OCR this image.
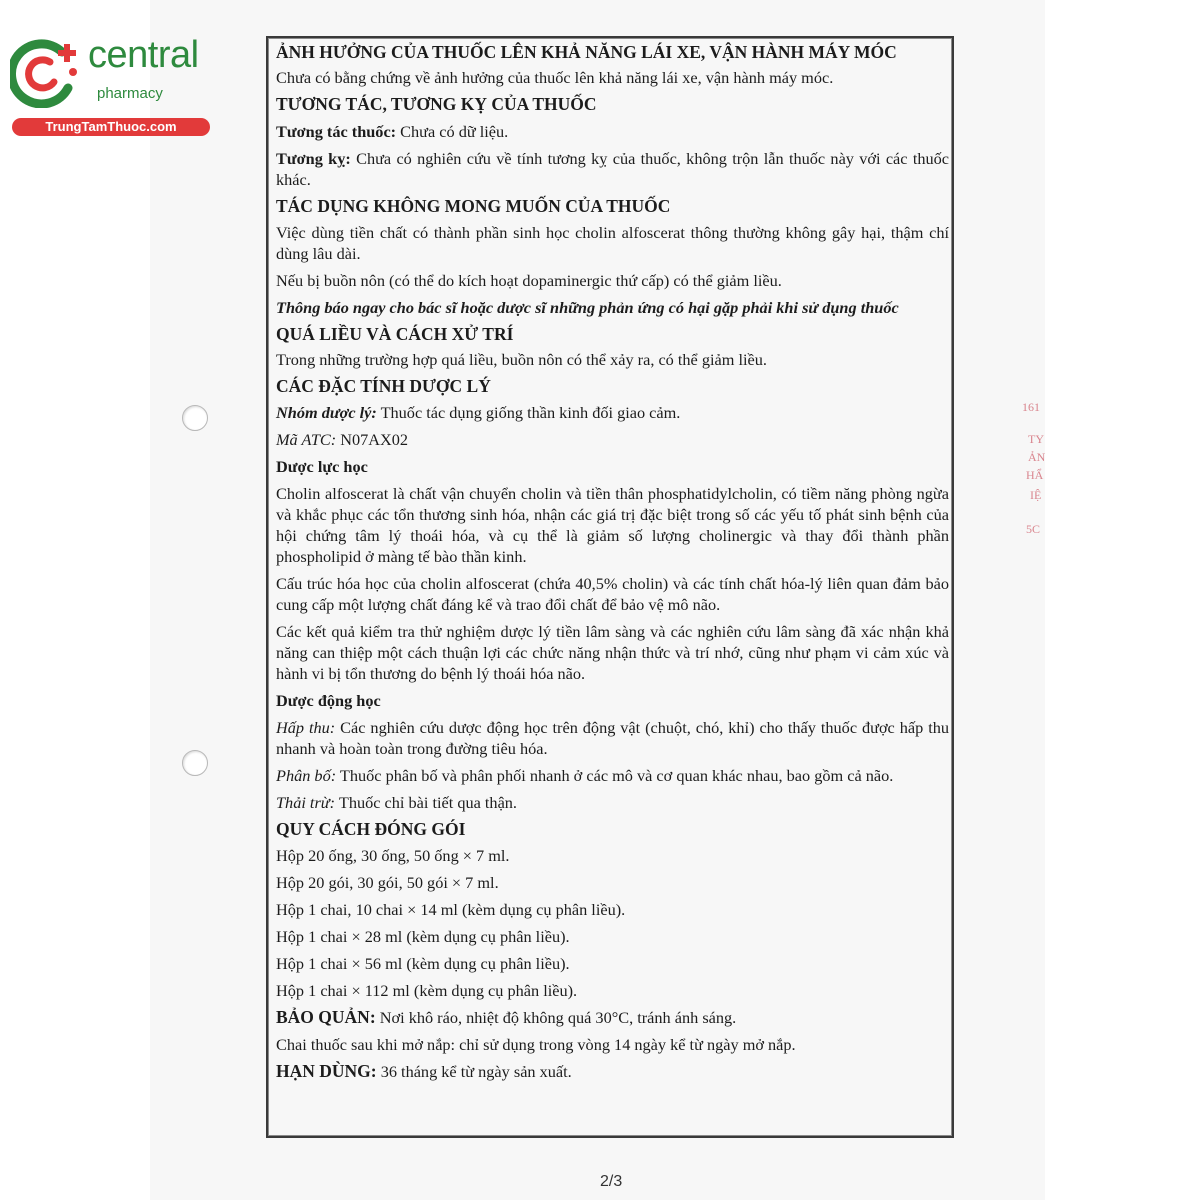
central
pharmacy
TrungTamThuoc.com
161
TY
ẢN
HẨ
IỆ
5C

ẢNH HƯỞNG CỦA THUỐC LÊN KHẢ NĂNG LÁI XE, VẬN HÀNH MÁY MÓC

Chưa có bằng chứng về ảnh hưởng của thuốc lên khả năng lái xe, vận hành máy móc.

TƯƠNG TÁC, TƯƠNG KỴ CỦA THUỐC

Tương tác thuốc: Chưa có dữ liệu.

Tương kỵ: Chưa có nghiên cứu về tính tương kỵ của thuốc, không trộn lẫn thuốc này với các thuốc khác.

TÁC DỤNG KHÔNG MONG MUỐN CỦA THUỐC

Việc dùng tiền chất có thành phần sinh học cholin alfoscerat thông thường không gây hại, thậm chí dùng lâu dài.

Nếu bị buồn nôn (có thể do kích hoạt dopaminergic thứ cấp) có thể giảm liều.

Thông báo ngay cho bác sĩ hoặc dược sĩ những phản ứng có hại gặp phải khi sử dụng thuốc

QUÁ LIỀU VÀ CÁCH XỬ TRÍ

Trong những trường hợp quá liều, buồn nôn có thể xảy ra, có thể giảm liều.

CÁC ĐẶC TÍNH DƯỢC LÝ

Nhóm dược lý: Thuốc tác dụng giống thần kinh đối giao cảm.

Mã ATC: N07AX02

Dược lực học

Cholin alfoscerat là chất vận chuyển cholin và tiền thân phosphatidylcholin, có tiềm năng phòng ngừa và khắc phục các tổn thương sinh hóa, nhận các giá trị đặc biệt trong số các yếu tố phát sinh bệnh của hội chứng tâm lý thoái hóa, và cụ thể là giảm số lượng cholinergic và thay đổi thành phần phospholipid ở màng tế bào thần kinh.

Cấu trúc hóa học của cholin alfoscerat (chứa 40,5% cholin) và các tính chất hóa-lý liên quan đảm bảo cung cấp một lượng chất đáng kể và trao đổi chất để bảo vệ mô não.

Các kết quả kiểm tra thử nghiệm dược lý tiền lâm sàng và các nghiên cứu lâm sàng đã xác nhận khả năng can thiệp một cách thuận lợi các chức năng nhận thức và trí nhớ, cũng như phạm vi cảm xúc và hành vi bị tổn thương do bệnh lý thoái hóa não.

Dược động học

Hấp thu: Các nghiên cứu dược động học trên động vật (chuột, chó, khỉ) cho thấy thuốc được hấp thu nhanh và hoàn toàn trong đường tiêu hóa.

Phân bố: Thuốc phân bố và phân phối nhanh ở các mô và cơ quan khác nhau, bao gồm cả não.

Thải trừ: Thuốc chỉ bài tiết qua thận.

QUY CÁCH ĐÓNG GÓI

Hộp 20 ống, 30 ống, 50 ống × 7 ml.

Hộp 20 gói, 30 gói, 50 gói × 7 ml.

Hộp 1 chai, 10 chai × 14 ml (kèm dụng cụ phân liều).

Hộp 1 chai × 28 ml (kèm dụng cụ phân liều).

Hộp 1 chai × 56 ml (kèm dụng cụ phân liều).

Hộp 1 chai × 112 ml (kèm dụng cụ phân liều).

BẢO QUẢN: Nơi khô ráo, nhiệt độ không quá 30°C, tránh ánh sáng.

Chai thuốc sau khi mở nắp: chỉ sử dụng trong vòng 14 ngày kể từ ngày mở nắp.

HẠN DÙNG: 36 tháng kể từ ngày sản xuất.

2/3
